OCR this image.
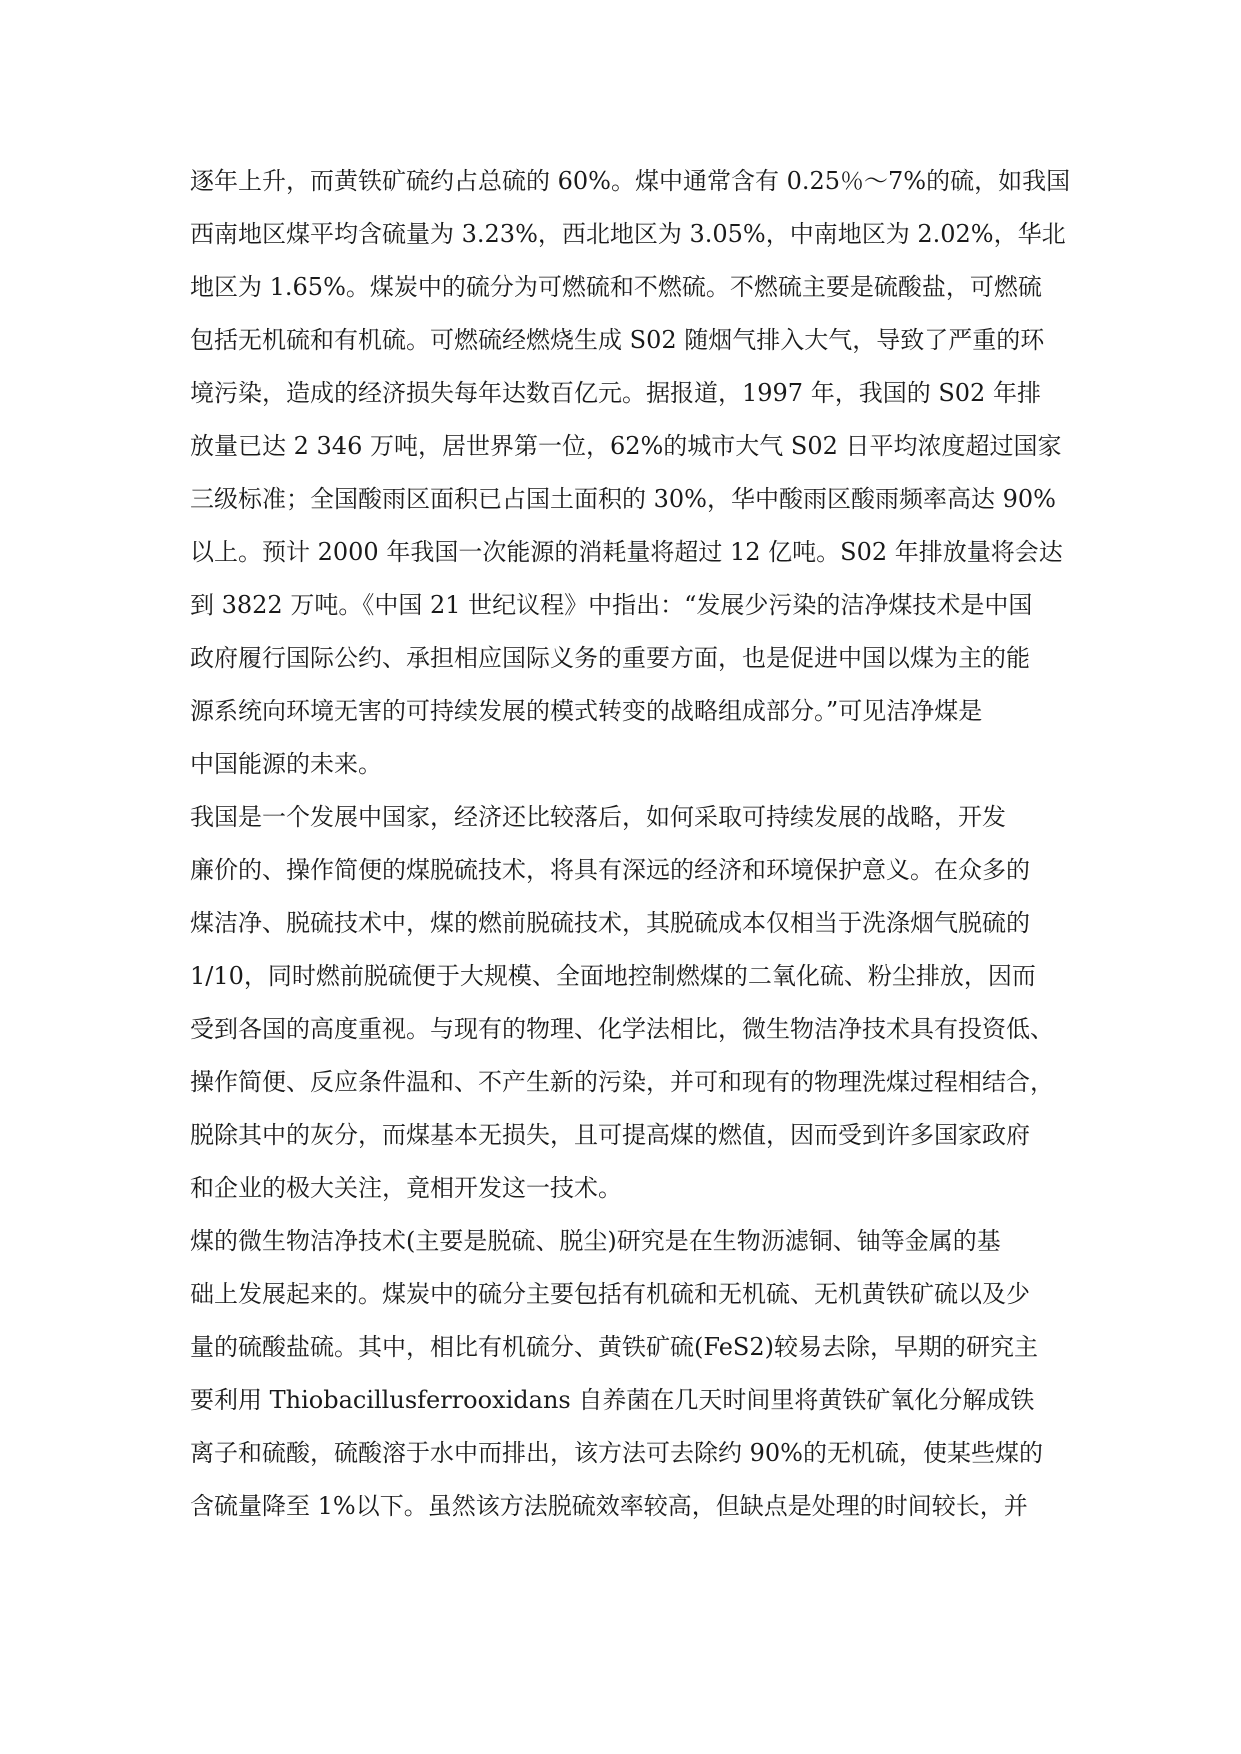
逐年上升，而黄铁矿硫约占总硫的 60%。煤中通常含有 0.25％～7%的硫，如我国
西南地区煤平均含硫量为 3.23%，西北地区为 3.05%，中南地区为 2.02%，华北
地区为 1.65%。煤炭中的硫分为可燃硫和不燃硫。不燃硫主要是硫酸盐，可燃硫
包括无机硫和有机硫。可燃硫经燃烧生成 S02 随烟气排入大气，导致了严重的环
境污染，造成的经济损失每年达数百亿元。据报道，1997 年，我国的 S02 年排
放量已达 2 346 万吨，居世界第一位，62%的城市大气 S02 日平均浓度超过国家
三级标准；全国酸雨区面积已占国土面积的 30%，华中酸雨区酸雨频率高达 90%
以上。预计 2000 年我国一次能源的消耗量将超过 12 亿吨。S02 年排放量将会达
到 3822 万吨。《中国 21 世纪议程》中指出：“发展少污染的洁净煤技术是中国
政府履行国际公约、承担相应国际义务的重要方面，也是促进中国以煤为主的能
源系统向环境无害的可持续发展的模式转变的战略组成部分。”可见洁净煤是
中国能源的未来。
我国是一个发展中国家，经济还比较落后，如何采取可持续发展的战略，开发
廉价的、操作简便的煤脱硫技术，将具有深远的经济和环境保护意义。在众多的
煤洁净、脱硫技术中，煤的燃前脱硫技术，其脱硫成本仅相当于洗涤烟气脱硫的
1/10，同时燃前脱硫便于大规模、全面地控制燃煤的二氧化硫、粉尘排放，因而
受到各国的高度重视。与现有的物理、化学法相比，微生物洁净技术具有投资低、
操作简便、反应条件温和、不产生新的污染，并可和现有的物理洗煤过程相结合，
脱除其中的灰分，而煤基本无损失，且可提高煤的燃值，因而受到许多国家政府
和企业的极大关注，竟相开发这一技术。
煤的微生物洁净技术(主要是脱硫、脱尘)研究是在生物沥滤铜、铀等金属的基
础上发展起来的。煤炭中的硫分主要包括有机硫和无机硫、无机黄铁矿硫以及少
量的硫酸盐硫。其中，相比有机硫分、黄铁矿硫(FeS2)较易去除，早期的研究主
要利用 Thiobacillusferrooxidans 自养菌在几天时间里将黄铁矿氧化分解成铁
离子和硫酸，硫酸溶于水中而排出，该方法可去除约 90%的无机硫，使某些煤的
含硫量降至 1%以下。虽然该方法脱硫效率较高，但缺点是处理的时间较长，并
